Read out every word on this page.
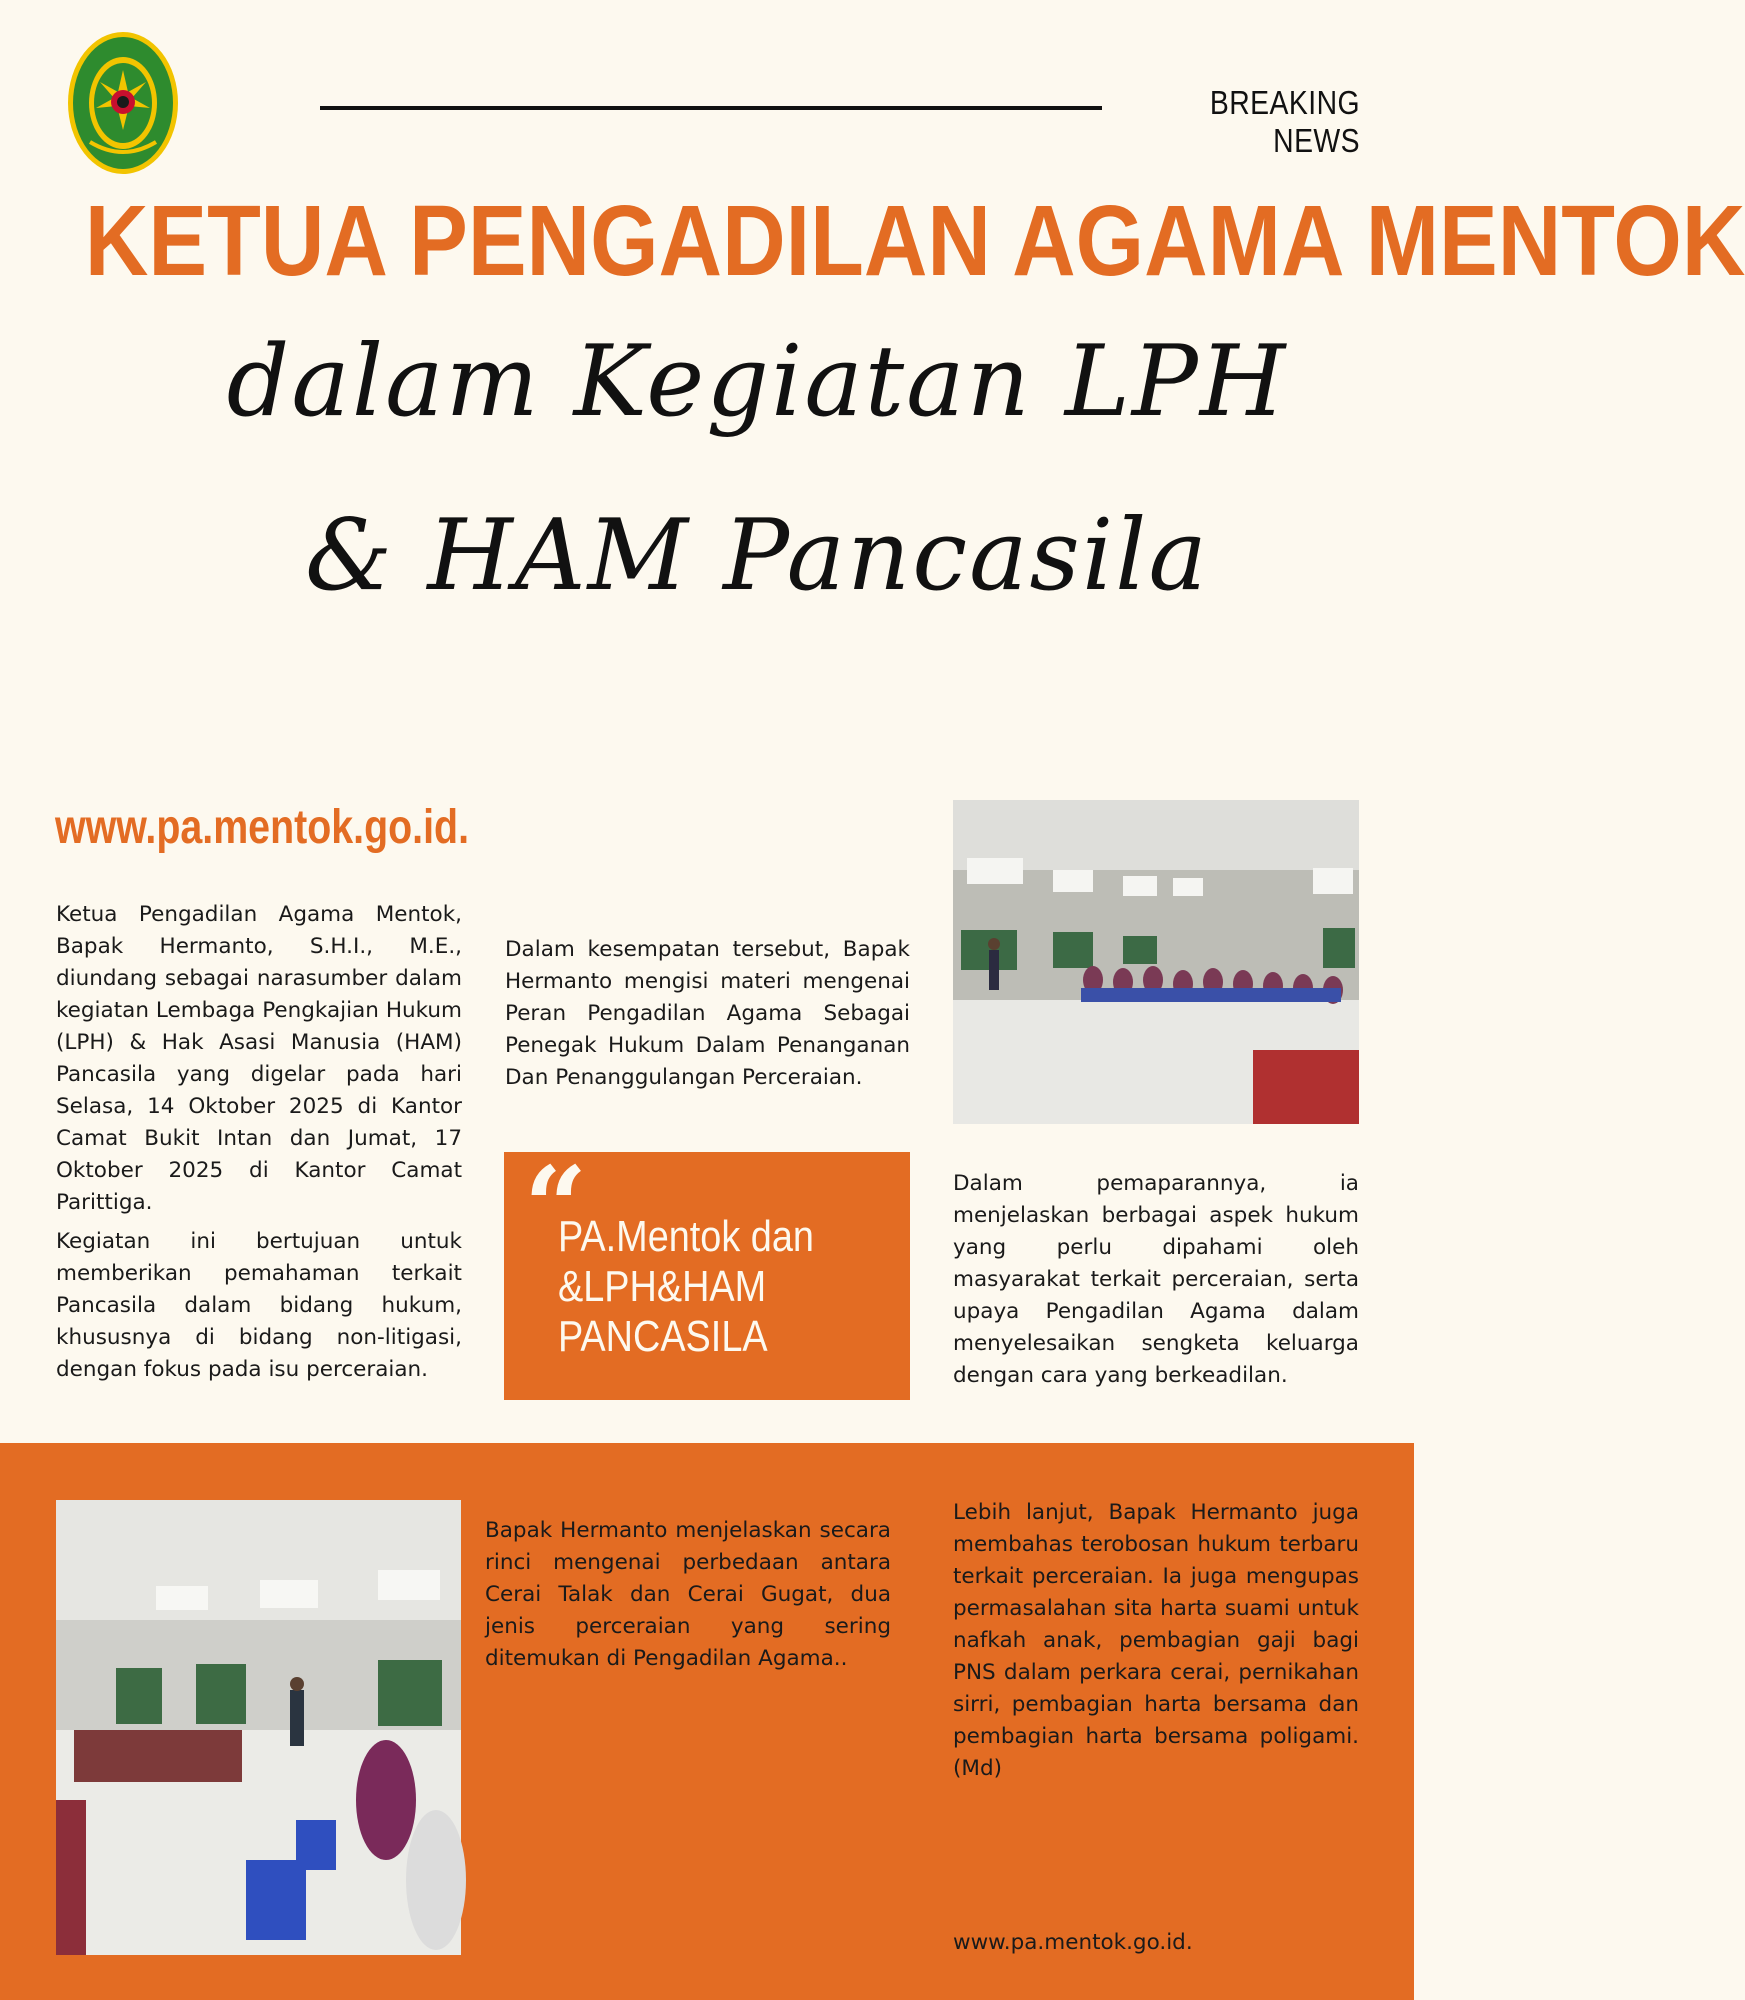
BREAKING NEWS
KETUA PENGADILAN AGAMA MENTOK
dalam Kegiatan LPH
& HAM Pancasila
www.pa.mentok.go.id.

Ketua Pengadilan Agama Mentok, Bapak Hermanto, S.H.I., M.E., diundang sebagai narasumber dalam kegiatan Lembaga Pengkajian Hukum (LPH) & Hak Asasi Manusia (HAM) Pancasila yang digelar pada hari Selasa, 14 Oktober 2025 di Kantor Camat Bukit Intan dan Jumat, 17 Oktober 2025 di Kantor Camat Parittiga.

Kegiatan ini bertujuan untuk memberikan pemahaman terkait Pancasila dalam bidang hukum, khususnya di bidang non-litigasi, dengan fokus pada isu perceraian.

Dalam kesempatan tersebut, Bapak Hermanto mengisi materi mengenai Peran Pengadilan Agama Sebagai Penegak Hukum Dalam Penanganan Dan Penanggulangan Perceraian.

“
PA.Mentok dan &LPH&HAM PANCASILA

Dalam pemaparannya, ia menjelaskan berbagai aspek hukum yang perlu dipahami oleh masyarakat terkait perceraian, serta upaya Pengadilan Agama dalam menyelesaikan sengketa keluarga dengan cara yang berkeadilan.

Bapak Hermanto menjelaskan secara rinci mengenai perbedaan antara Cerai Talak dan Cerai Gugat, dua jenis perceraian yang sering ditemukan di Pengadilan Agama..

Lebih lanjut, Bapak Hermanto juga membahas terobosan hukum terbaru terkait perceraian. Ia juga mengupas permasalahan sita harta suami untuk nafkah anak, pembagian gaji bagi PNS dalam perkara cerai, pernikahan sirri, pembagian harta bersama dan pembagian harta bersama poligami. (Md)

www.pa.mentok.go.id.
